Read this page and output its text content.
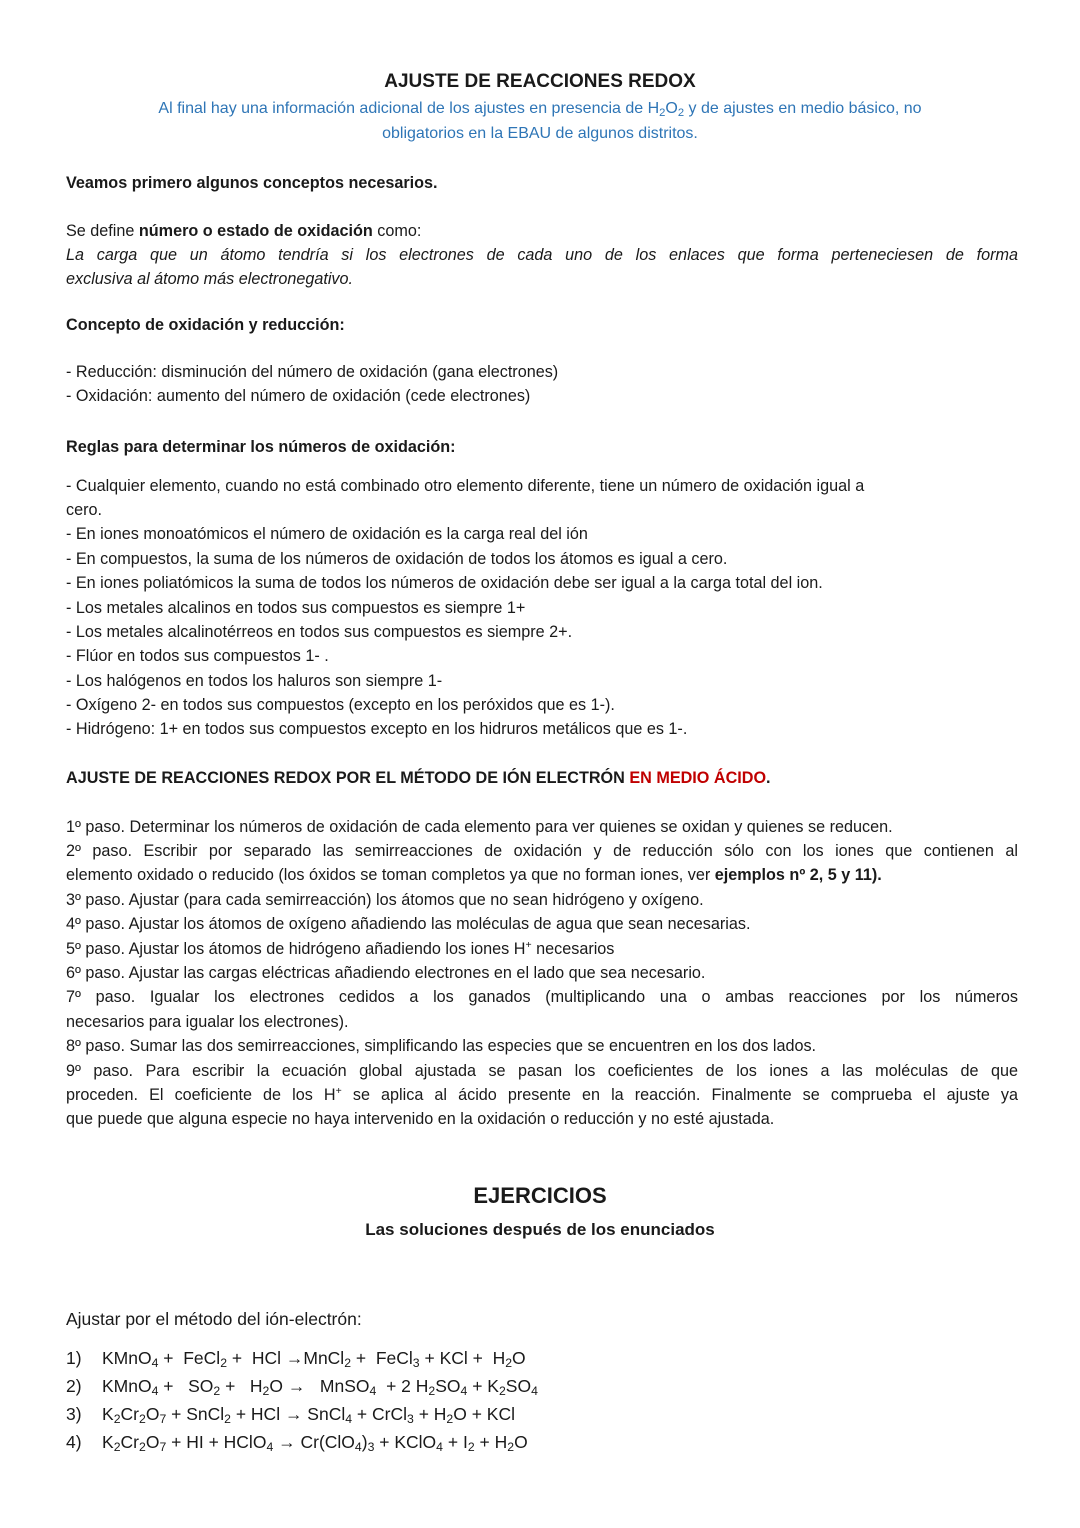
AJUSTE DE REACCIONES REDOX
Al final hay una información adicional de los ajustes en presencia de $H_2O_2$ y de ajustes en medio básico, no
obligatorios en la EBAU de algunos distritos.
Veamos primero algunos conceptos necesarios.
Se define número o estado de oxidación como:
La carga que un átomo tendría si los electrones de cada uno de los enlaces que forma perteneciesen de forma
exclusiva al átomo más electronegativo.
Concepto de oxidación y reducción:
- Reducción: disminución del número de oxidación (gana electrones)
- Oxidación: aumento del número de oxidación (cede electrones)
Reglas para determinar los números de oxidación:
- Cualquier elemento, cuando no está combinado otro elemento diferente, tiene un número de oxidación igual a
cero.
- En iones monoatómicos el número de oxidación es la carga real del ión
- En compuestos, la suma de los números de oxidación de todos los átomos es igual a cero.
- En iones poliatómicos la suma de todos los números de oxidación debe ser igual a la carga total del ion.
- Los metales alcalinos en todos sus compuestos es siempre 1+
- Los metales alcalinotérreos en todos sus compuestos es siempre 2+.
- Flúor en todos sus compuestos 1- .
- Los halógenos en todos los haluros son siempre 1-
- Oxígeno 2- en todos sus compuestos (excepto en los peróxidos que es 1-).
- Hidrógeno: 1+ en todos sus compuestos excepto en los hidruros metálicos que es 1-.
AJUSTE DE REACCIONES REDOX POR EL MÉTODO DE IÓN ELECTRÓN EN MEDIO ÁCIDO.
1º paso. Determinar los números de oxidación de cada elemento para ver quienes se oxidan y quienes se reducen.
2º paso. Escribir por separado las semirreacciones de oxidación y de reducción sólo con los iones que contienen al
elemento oxidado o reducido (los óxidos se toman completos ya que no forman iones, ver ejemplos nº 2, 5 y 11).
3º paso. Ajustar (para cada semirreacción) los átomos que no sean hidrógeno y oxígeno.
4º paso. Ajustar los átomos de oxígeno añadiendo las moléculas de agua que sean necesarias.
5º paso. Ajustar los átomos de hidrógeno añadiendo los iones H+ necesarios
6º paso. Ajustar las cargas eléctricas añadiendo electrones en el lado que sea necesario.
7º paso. Igualar los electrones cedidos a los ganados (multiplicando una o ambas reacciones por los números
necesarios para igualar los electrones).
8º paso. Sumar las dos semirreacciones, simplificando las especies que se encuentren en los dos lados.
9º paso. Para escribir la ecuación global ajustada se pasan los coeficientes de los iones a las moléculas de que
proceden. El coeficiente de los H+ se aplica al ácido presente en la reacción. Finalmente se comprueba el ajuste ya
que puede que alguna especie no haya intervenido en la oxidación o reducción y no esté ajustada.
EJERCICIOS
Las soluciones después de los enunciados
Ajustar por el método del ión-electrón:
1) KMnO$_4$ +  FeCl$_2$ +  HCl →MnCl$_2$ +  FeCl$_3$ + KCl +  $H_2O$
2) KMnO$_4$ +   $SO_2 + H_2O$ →   MnSO$_4$  + 2 $H_2SO_4 + K_2SO_4$
3) $K_2Cr_2O_7$ + SnCl$_2$ + HCl → SnCl$_4$ + CrCl$_3$ + $H_2O$ + KCl
4) $K_2Cr_2O_7$ + HI + HClO$_4$ → $Cr(ClO_4)_3$ + KClO$_4$ + $I_2 + H_2O$
